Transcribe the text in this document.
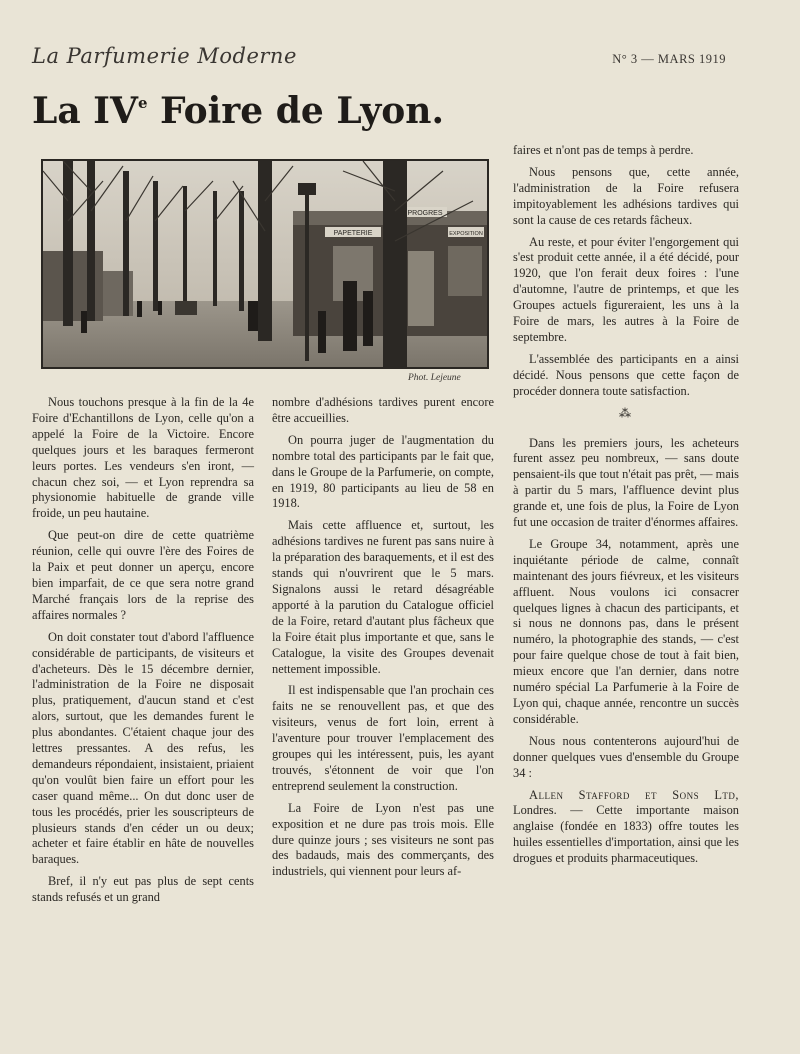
La Parfumerie Moderne	N° 3 — MARS 1919
La IVe Foire de Lyon.
PAPETERIE
PROGRES
EXPOSITION
Phot. Lejeune

Nous touchons presque à la fin de la 4e Foire d'Echantillons de Lyon, celle qu'on a appelé la Foire de la Victoire. Encore quelques jours et les baraques fermeront leurs portes. Les vendeurs s'en iront, — chacun chez soi, — et Lyon reprendra sa physionomie habituelle de grande ville froide, un peu hautaine.

Que peut-on dire de cette quatrième réunion, celle qui ouvre l'ère des Foires de la Paix et peut donner un aperçu, encore bien imparfait, de ce que sera notre grand Marché français lors de la reprise des affaires normales ?

On doit constater tout d'abord l'affluence considérable de participants, de visiteurs et d'acheteurs. Dès le 15 décembre dernier, l'administration de la Foire ne disposait plus, pratiquement, d'aucun stand et c'est alors, surtout, que les demandes furent le plus abondantes. C'étaient chaque jour des lettres pressantes. A des refus, les demandeurs répondaient, insistaient, priaient qu'on voulût bien faire un effort pour les caser quand même... On dut donc user de tous les procédés, prier les souscripteurs de plusieurs stands d'en céder un ou deux; acheter et faire établir en hâte de nouvelles baraques.

Bref, il n'y eut pas plus de sept cents stands refusés et un grand

nombre d'adhésions tardives purent encore être accueillies.

On pourra juger de l'augmentation du nombre total des participants par le fait que, dans le Groupe de la Parfumerie, on compte, en 1919, 80 participants au lieu de 58 en 1918.

Mais cette affluence et, surtout, les adhésions tardives ne furent pas sans nuire à la préparation des baraquements, et il est des stands qui n'ouvrirent que le 5 mars. Signalons aussi le retard désagréable apporté à la parution du Catalogue officiel de la Foire, retard d'autant plus fâcheux que la Foire était plus importante et que, sans le Catalogue, la visite des Groupes devenait nettement impossible.

Il est indispensable que l'an prochain ces faits ne se renouvellent pas, et que des visiteurs, venus de fort loin, errent à l'aventure pour trouver l'emplacement des groupes qui les intéressent, puis, les ayant trouvés, s'étonnent de voir que l'on entreprend seulement la construction.

La Foire de Lyon n'est pas une exposition et ne dure pas trois mois. Elle dure quinze jours ; ses visiteurs ne sont pas des badauds, mais des commerçants, des industriels, qui viennent pour leurs af-

faires et n'ont pas de temps à perdre.

Nous pensons que, cette année, l'administration de la Foire refusera impitoyablement les adhésions tardives qui sont la cause de ces retards fâcheux.

Au reste, et pour éviter l'engorgement qui s'est produit cette année, il a été décidé, pour 1920, que l'on ferait deux foires : l'une d'automne, l'autre de printemps, et que les Groupes actuels figureraient, les uns à la Foire de mars, les autres à la Foire de septembre.

L'assemblée des participants en a ainsi décidé. Nous pensons que cette façon de procéder donnera toute satisfaction.

⁂

Dans les premiers jours, les acheteurs furent assez peu nombreux, — sans doute pensaient-ils que tout n'était pas prêt, — mais à partir du 5 mars, l'affluence devint plus grande et, une fois de plus, la Foire de Lyon fut une occasion de traiter d'énormes affaires.

Le Groupe 34, notamment, après une inquiétante période de calme, connaît maintenant des jours fiévreux, et les visiteurs affluent. Nous voulons ici consacrer quelques lignes à chacun des participants, et si nous ne donnons pas, dans le présent numéro, la photographie des stands, — c'est pour faire quelque chose de tout à fait bien, mieux encore que l'an dernier, dans notre numéro spécial La Parfumerie à la Foire de Lyon qui, chaque année, rencontre un succès considérable.

Nous nous contenterons aujourd'hui de donner quelques vues d'ensemble du Groupe 34 :

Allen Stafford et Sons Ltd, Londres. — Cette importante maison anglaise (fondée en 1833) offre toutes les huiles essentielles d'importation, ainsi que les drogues et produits pharmaceutiques.
